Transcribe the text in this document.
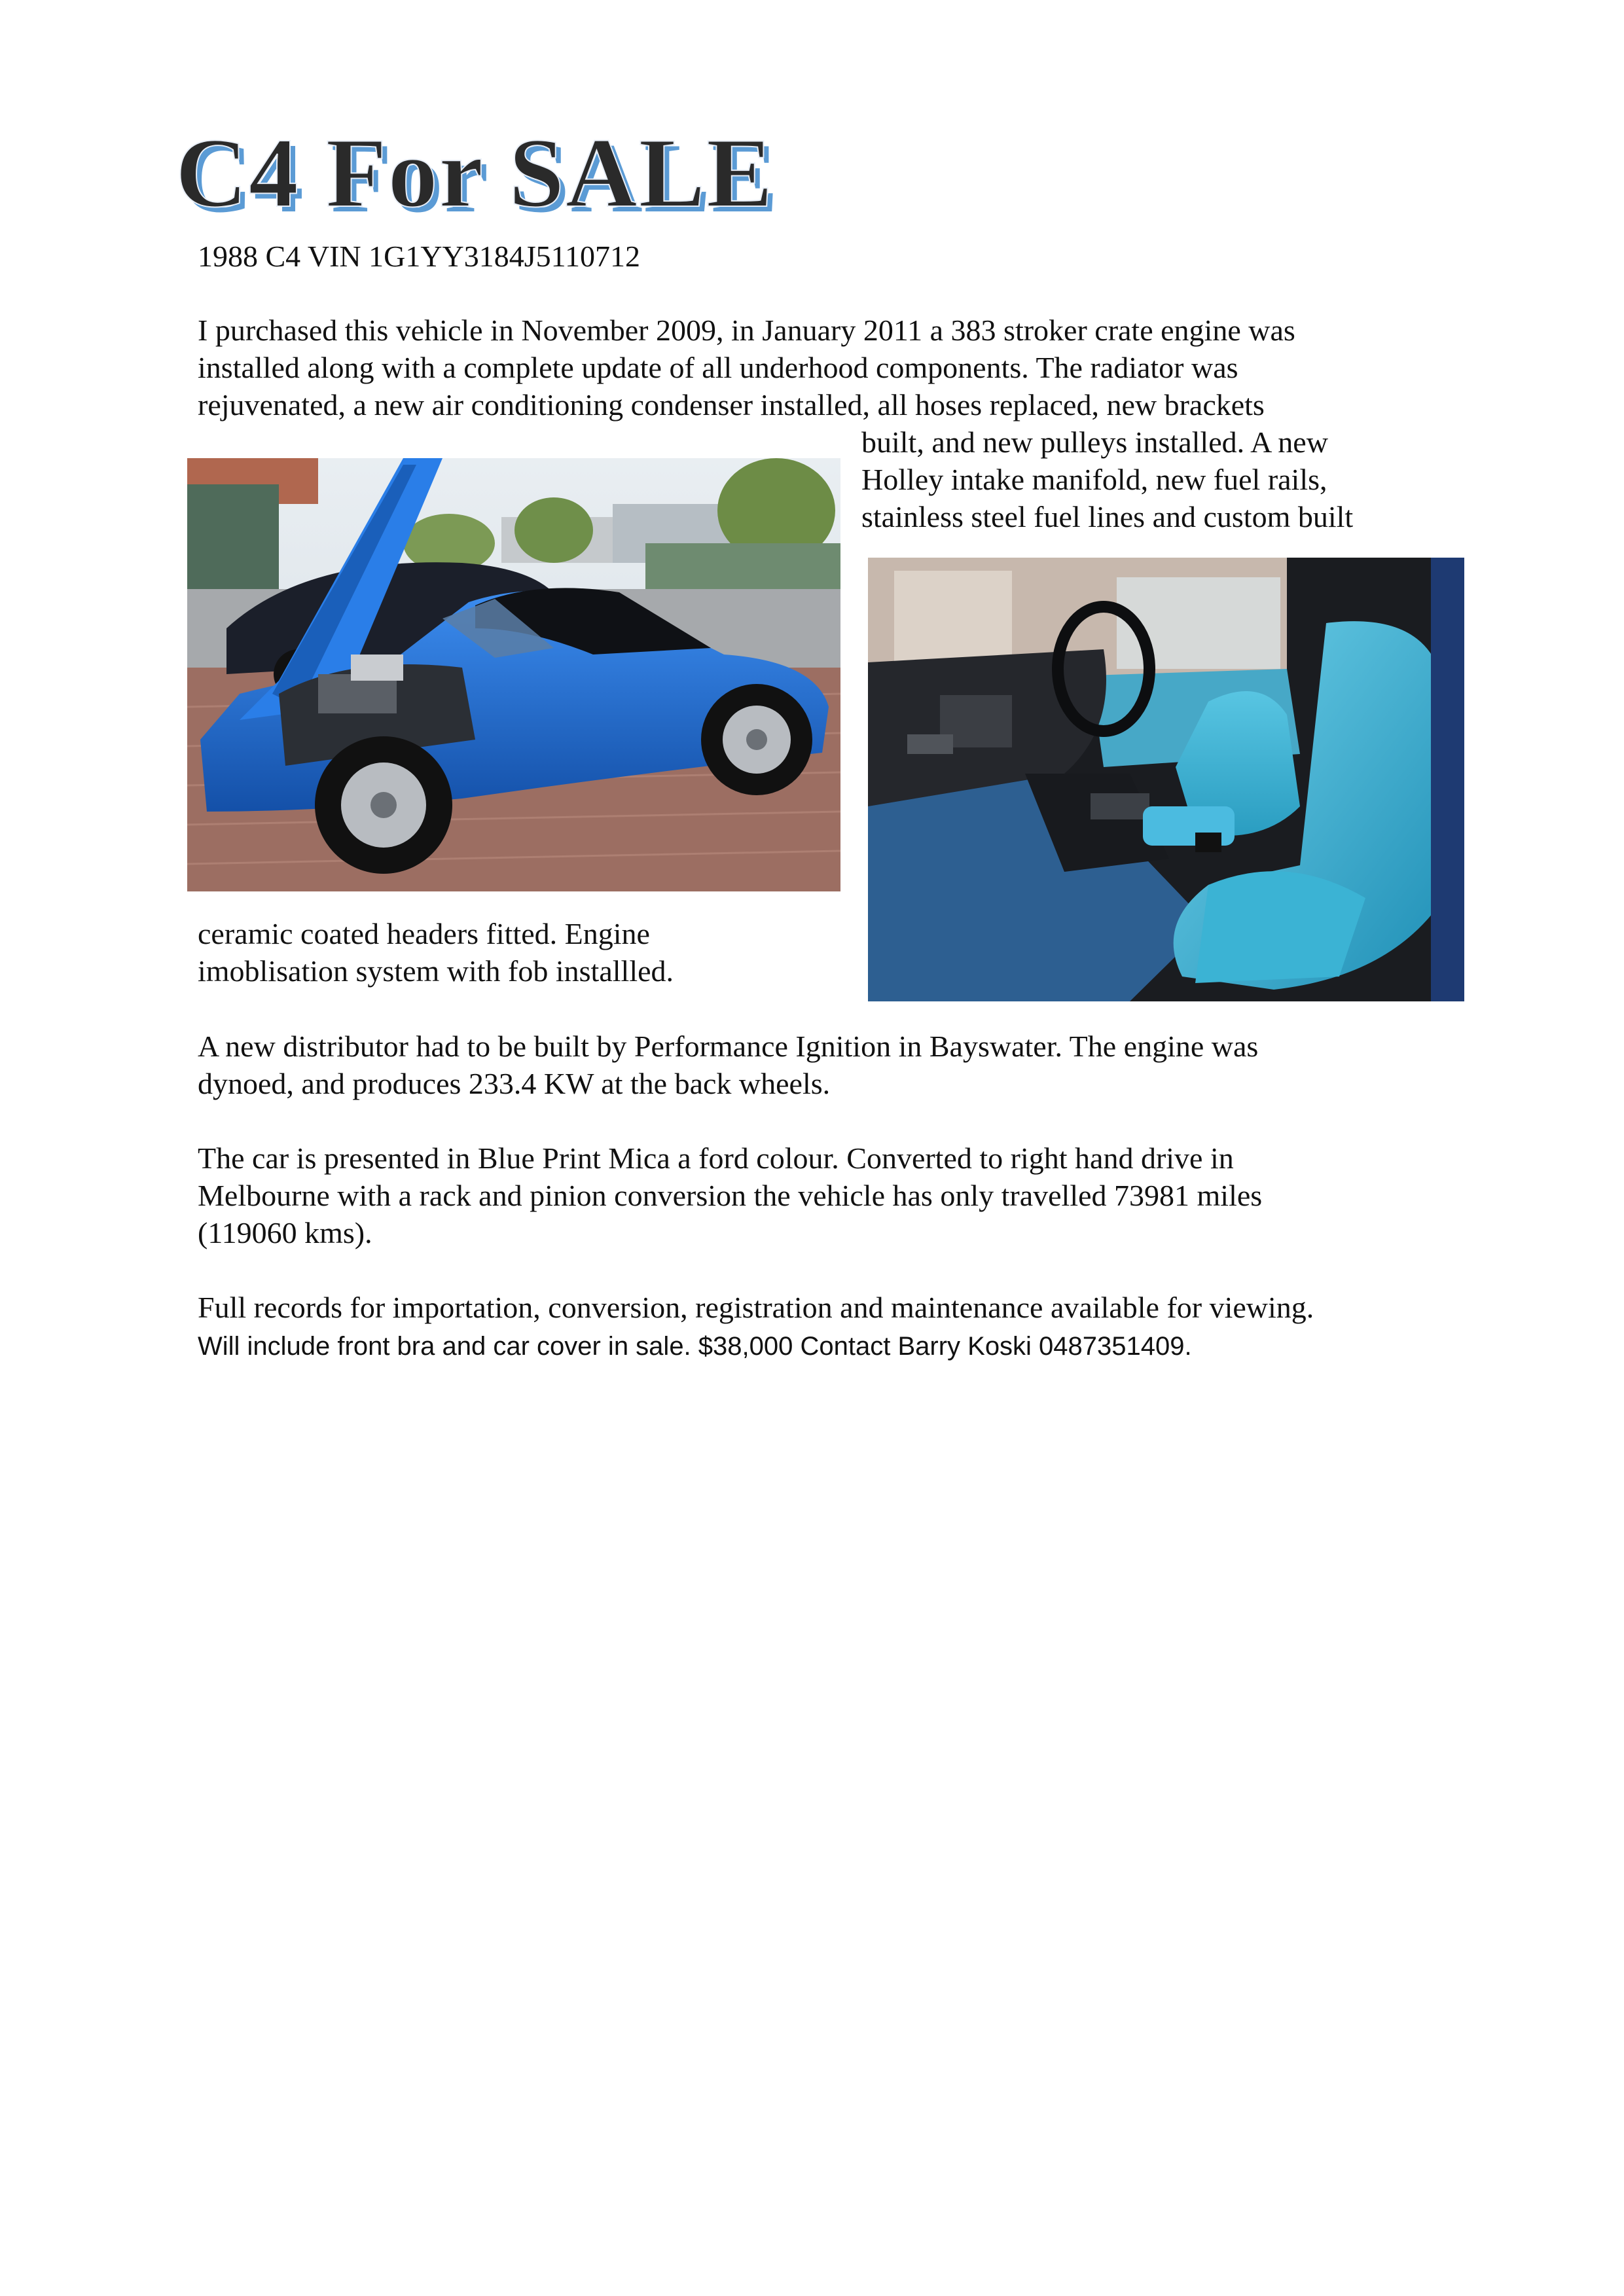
C4 For SALE

1988 C4 VIN 1G1YY3184J5110712

I purchased this vehicle in November 2009, in January 2011 a 383 stroker crate engine was

installed along with a complete update of all underhood components. The radiator was

rejuvenated, a new air conditioning condenser installed, all hoses replaced, new brackets

built, and new pulleys installed. A new

Holley intake manifold, new fuel rails,

stainless steel fuel lines and custom built

ceramic coated headers fitted. Engine

imoblisation system with fob installled.

A new distributor had to be built by Performance Ignition in Bayswater. The engine was

dynoed, and produces 233.4 KW at the back wheels.

The car is presented in Blue Print Mica a ford colour. Converted to right hand drive in

Melbourne with a rack and pinion conversion the vehicle has only travelled 73981 miles

(119060 kms).

Full records for importation, conversion, registration and maintenance available for viewing.

Will include front bra and car cover in sale. $38,000 Contact Barry Koski 0487351409.
